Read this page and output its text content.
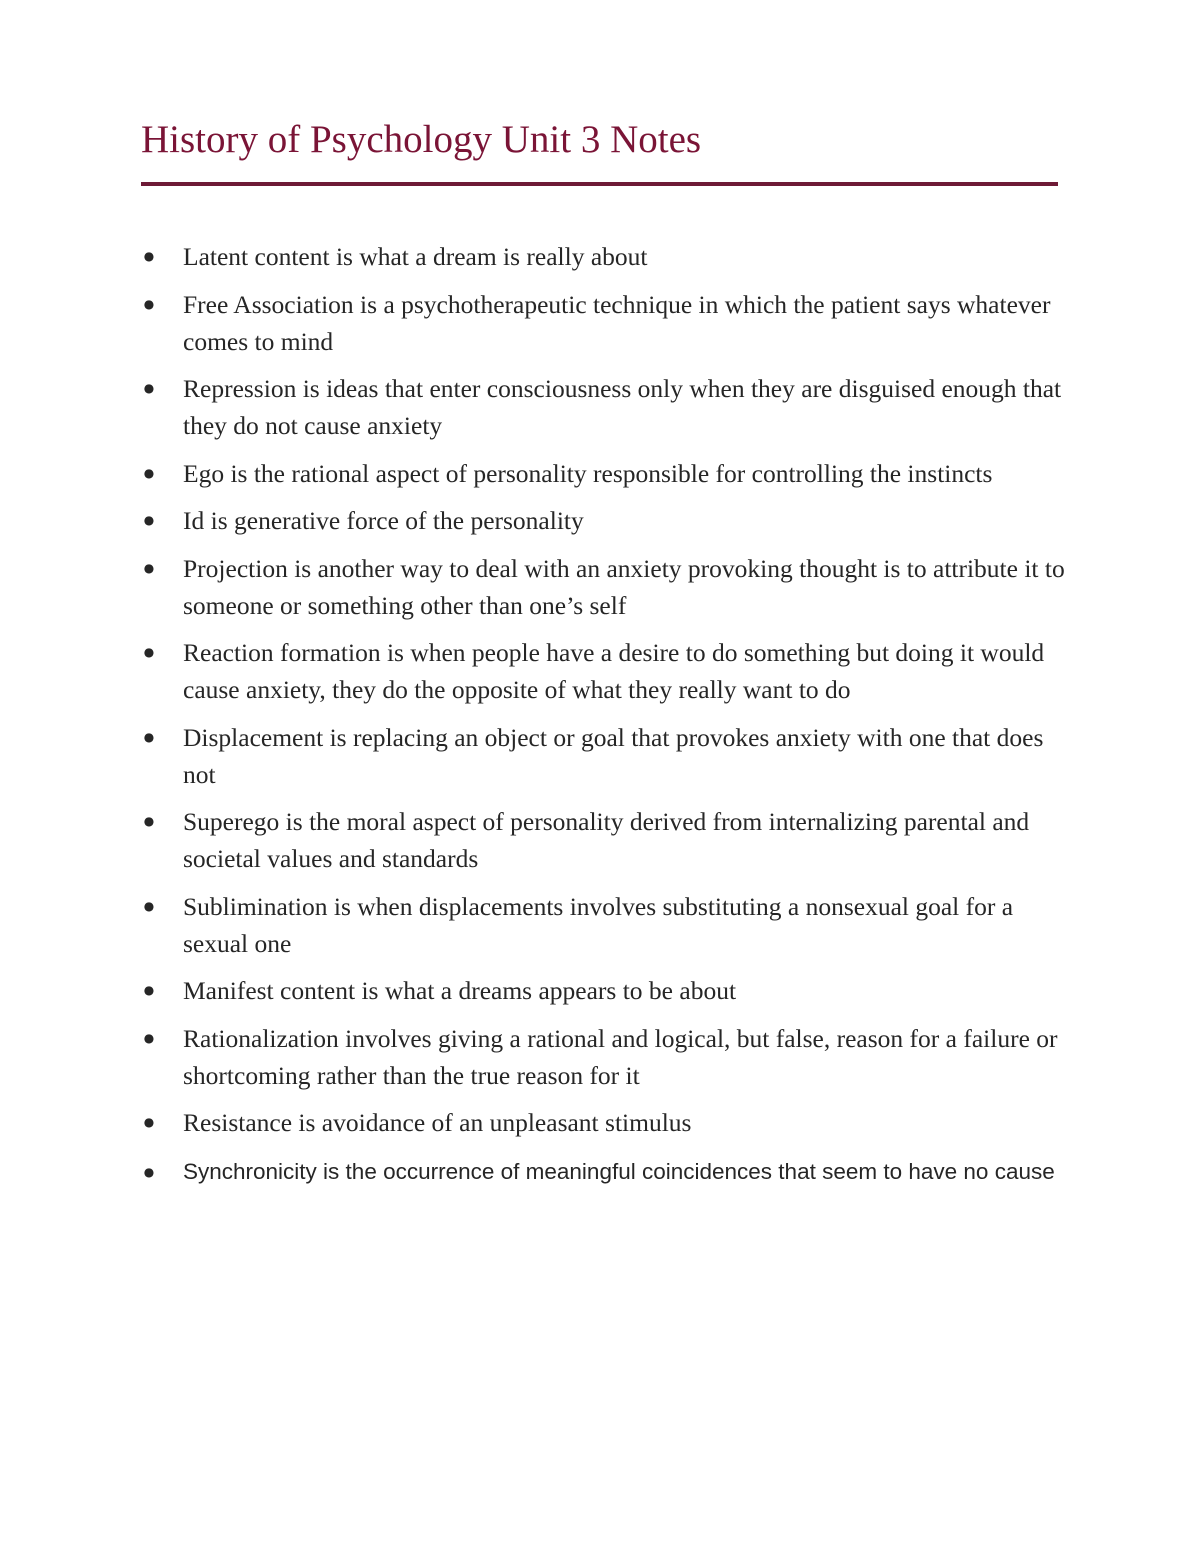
History of Psychology Unit 3 Notes
● Latent content is what a dream is really about
● Free Association is a psychotherapeutic technique in which the patient says whatever comes to mind
● Repression is ideas that enter consciousness only when they are disguised enough that they do not cause anxiety
● Ego is the rational aspect of personality responsible for controlling the instincts
● Id is generative force of the personality
● Projection is another way to deal with an anxiety provoking thought is to attribute it to someone or something other than one’s self
● Reaction formation is when people have a desire to do something but doing it would cause anxiety, they do the opposite of what they really want to do
● Displacement is replacing an object or goal that provokes anxiety with one that does not
● Superego is the moral aspect of personality derived from internalizing parental and societal values and standards
● Sublimination is when displacements involves substituting a nonsexual goal for a sexual one
● Manifest content is what a dreams appears to be about
● Rationalization involves giving a rational and logical, but false, reason for a failure or shortcoming rather than the true reason for it
● Resistance is avoidance of an unpleasant stimulus
● Synchronicity is the occurrence of meaningful coincidences that seem to have no cause
